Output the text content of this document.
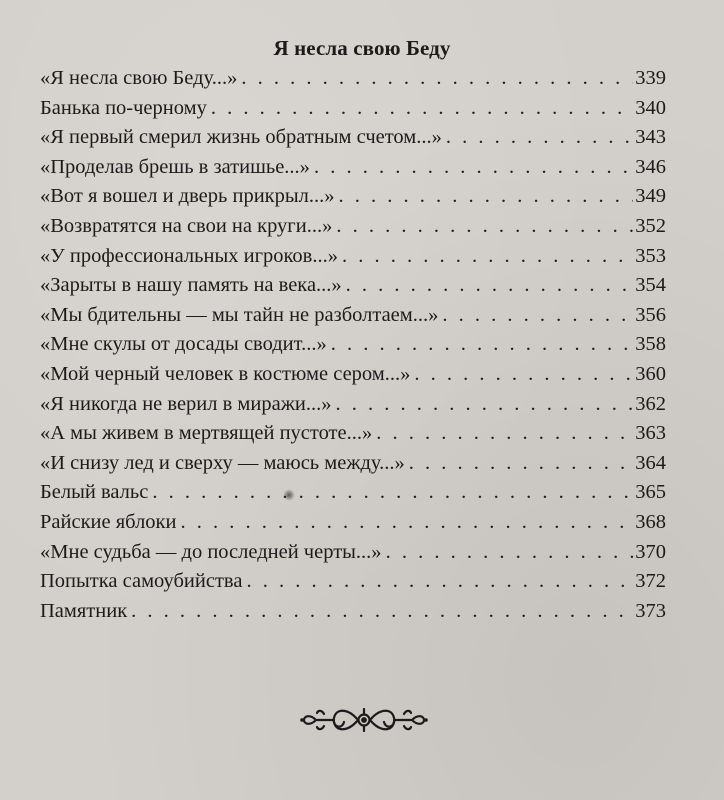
Я несла свою Беду
«Я несла свою Беду...» . . .	339
Банька по-черному . . .	340
«Я первый смерил жизнь обратным счетом...» . . .	343
«Проделав брешь в затишье...» . . .	346
«Вот я вошел и дверь прикрыл...» . . .	349
«Возвратятся на свои на круги...» . . .	352
«У профессиональных игроков...» . . .	353
«Зарыты в нашу память на века...» . . .	354
«Мы бдительны — мы тайн не разболтаем...» . . .	356
«Мне скулы от досады сводит...» . . .	358
«Мой черный человек в костюме сером...» . . .	360
«Я никогда не верил в миражи...» . . .	362
«А мы живем в мертвящей пустоте...» . . .	363
«И снизу лед и сверху — маюсь между...» . . .	364
Белый вальс . . .	365
Райские яблоки . . .	368
«Мне судьба — до последней черты...» . . .	370
Попытка самоубийства . . .	372
Памятник . . .	373
